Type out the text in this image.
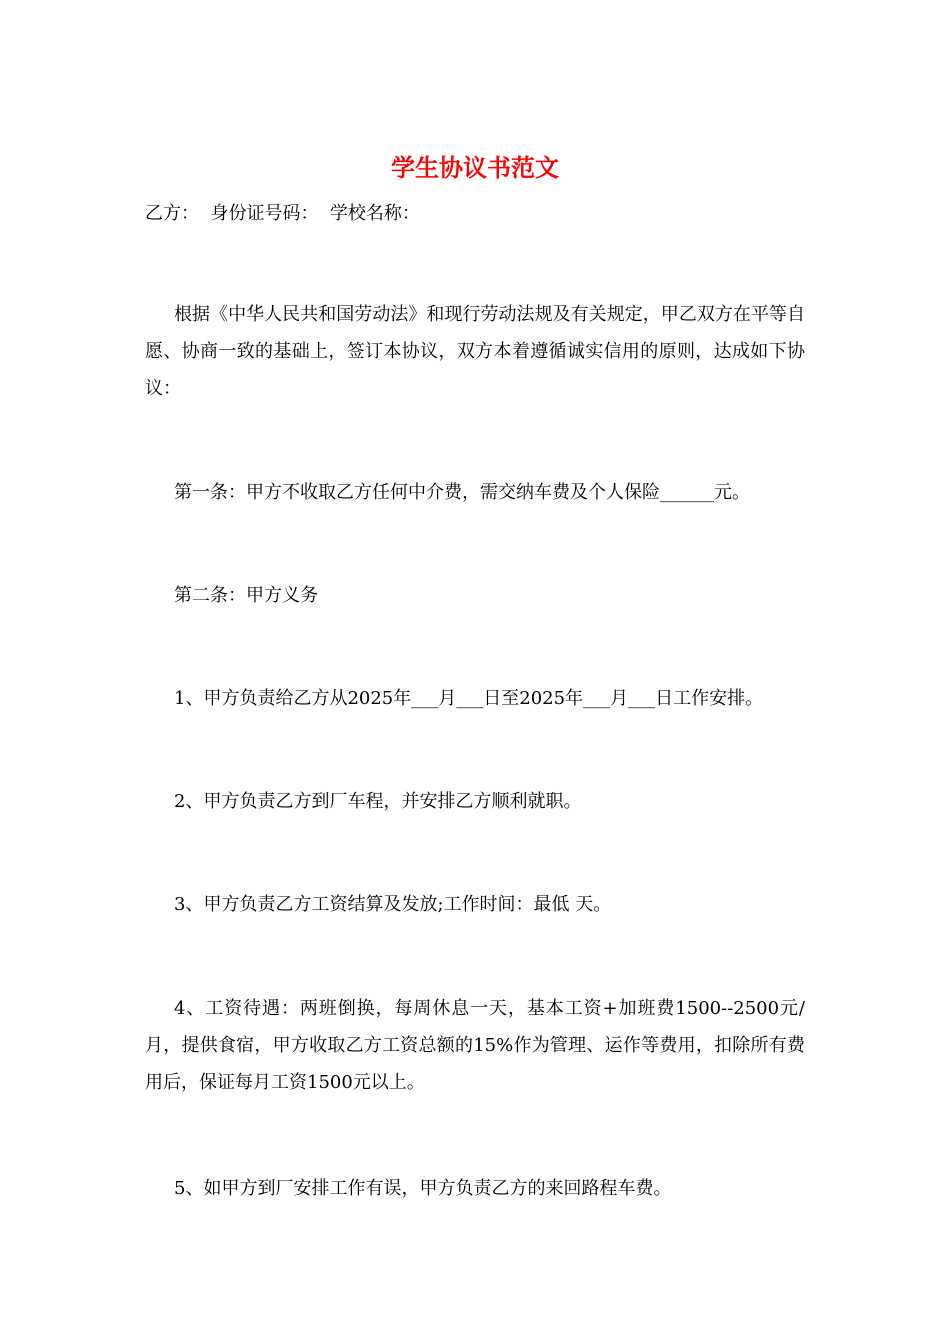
学生协议书范文
乙方：  身份证号码：  学校名称：
根据《中华人民共和国劳动法》和现行劳动法规及有关规定，甲乙双方在平等自愿、协商一致的基础上，签订本协议，双方本着遵循诚实信用的原则，达成如下协议：
第一条：甲方不收取乙方任何中介费，需交纳车费及个人保险______元。
第二条：甲方义务
1、甲方负责给乙方从2025年___月___日至2025年___月___日工作安排。
2、甲方负责乙方到厂车程，并安排乙方顺利就职。
3、甲方负责乙方工资结算及发放;工作时间：最低 天。
4、工资待遇：两班倒换，每周休息一天，基本工资+加班费1500--2500元/月，提供食宿，甲方收取乙方工资总额的15%作为管理、运作等费用，扣除所有费用后，保证每月工资1500元以上。
5、如甲方到厂安排工作有误，甲方负责乙方的来回路程车费。
